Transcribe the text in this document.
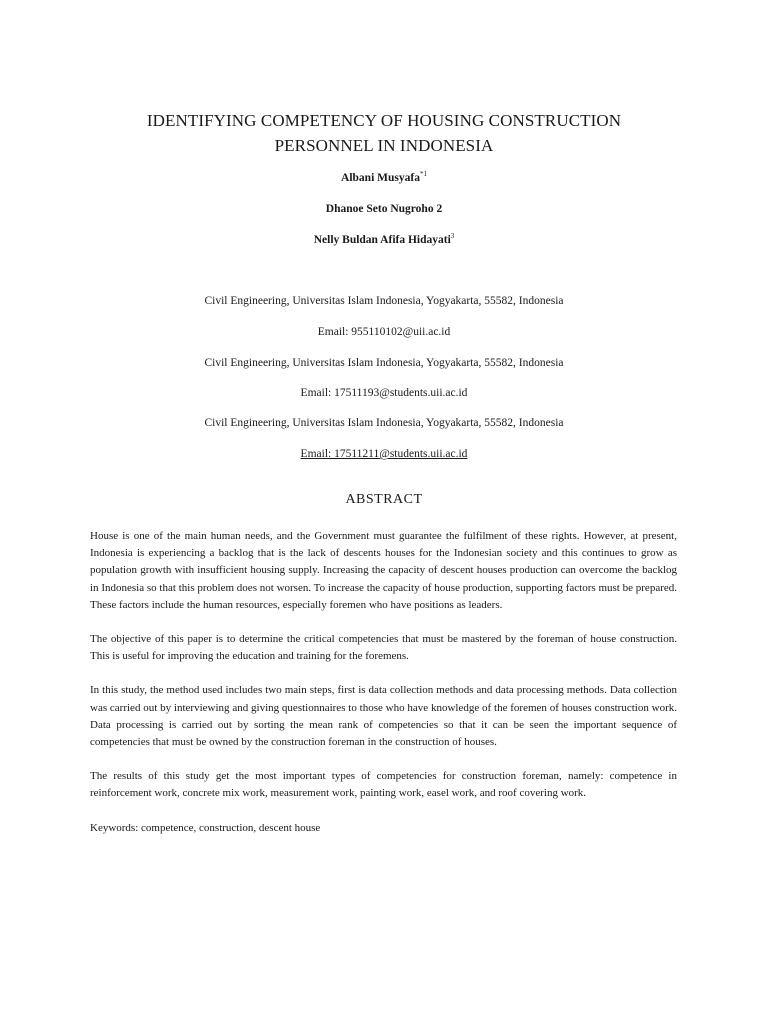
IDENTIFYING COMPETENCY OF HOUSING CONSTRUCTION
PERSONNEL IN INDONESIA

Albani Musyafa$^{*1}$

Dhanoe Seto Nugroho 2

Nelly Buldan Afifa Hidayati$^3$

Civil Engineering, Universitas Islam Indonesia, Yogyakarta, 55582, Indonesia

Email: 955110102@uii.ac.id

Civil Engineering, Universitas Islam Indonesia, Yogyakarta, 55582, Indonesia

Email: 17511193@students.uii.ac.id

Civil Engineering, Universitas Islam Indonesia, Yogyakarta, 55582, Indonesia

Email: 17511211@students.uii.ac.id

ABSTRACT

House is one of the main human needs, and the Government must guarantee the fulfilment of these rights. However, at present, Indonesia is experiencing a backlog that is the lack of descents houses for the Indonesian society and this continues to grow as population growth with insufficient housing supply. Increasing the capacity of descent houses production can overcome the backlog in Indonesia so that this problem does not worsen. To increase the capacity of house production, supporting factors must be prepared. These factors include the human resources, especially foremen who have positions as leaders.

The objective of this paper is to determine the critical competencies that must be mastered by the foreman of house construction. This is useful for improving the education and training for the foremens.

In this study, the method used includes two main steps, first is data collection methods and data processing methods. Data collection was carried out by interviewing and giving questionnaires to those who have knowledge of the foremen of houses construction work. Data processing is carried out by sorting the mean rank of competencies so that it can be seen the important sequence of competencies that must be owned by the construction foreman in the construction of houses.

The results of this study get the most important types of competencies for construction foreman, namely: competence in reinforcement work, concrete mix work, measurement work, painting work, easel work, and roof covering work.

Keywords: competence, construction, descent house
